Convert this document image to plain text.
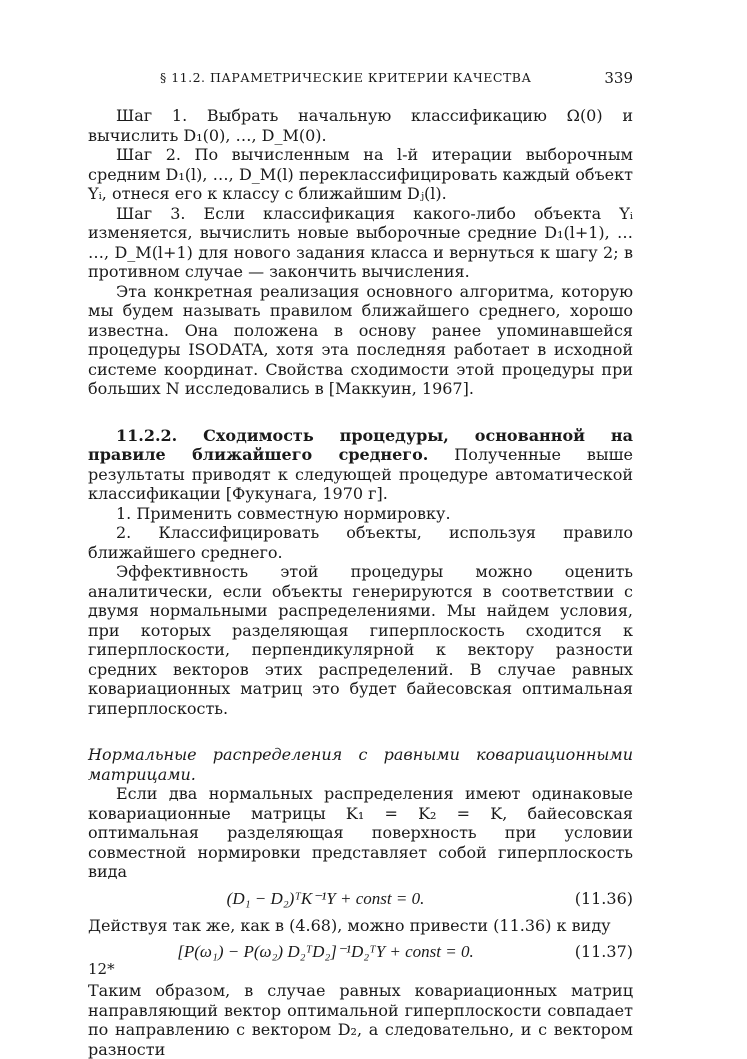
§ 11.2. ПАРАМЕТРИЧЕСКИЕ КРИТЕРИИ КАЧЕСТВА	339

Шаг 1. Выбрать начальную классификацию Ω(0) и вычислить D₁(0), …, D_M(0).

Шаг 2. По вычисленным на l-й итерации выборочным средним D₁(l), …, D_M(l) переклассифицировать каждый объект Yᵢ, отнеся его к классу с ближайшим Dⱼ(l).

Шаг 3. Если классификация какого-либо объекта Yᵢ изменяется, вычислить новые выборочные средние D₁(l+1), … …, D_M(l+1) для нового задания класса и вернуться к шагу 2; в противном случае — закончить вычисления.

Эта конкретная реализация основного алгоритма, которую мы будем называть правилом ближайшего среднего, хорошо известна. Она положена в основу ранее упоминавшейся процедуры ISODATA, хотя эта последняя работает в исходной системе координат. Свойства сходимости этой процедуры при больших N исследовались в [Маккуин, 1967].

11.2.2. Сходимость процедуры, основанной на правиле ближайшего среднего. Полученные выше результаты приводят к следующей процедуре автоматической классификации [Фукунага, 1970 г].

1. Применить совместную нормировку.

2. Классифицировать объекты, используя правило ближайшего среднего.

Эффективность этой процедуры можно оценить аналитически, если объекты генерируются в соответствии с двумя нормальными распределениями. Мы найдем условия, при которых разделяющая гиперплоскость сходится к гиперплоскости, перпендикулярной к вектору разности средних векторов этих распределений. В случае равных ковариационных матриц это будет байесовская оптимальная гиперплоскость.

Нормальные распределения с равными ковариационными матрицами.

Если два нормальных распределения имеют одинаковые ковариационные матрицы K₁ = K₂ = K, байесовская оптимальная разделяющая поверхность при условии совместной нормировки представляет собой гиперплоскость вида

(D₁ − D₂)ᵀK⁻¹Y + const = 0.	(11.36)

Действуя так же, как в (4.68), можно привести (11.36) к виду

[P(ω₁) − P(ω₂) D₂ᵀD₂]⁻¹D₂ᵀY + const = 0.	(11.37)

Таким образом, в случае равных ковариационных матриц направляющий вектор оптимальной гиперплоскости совпадает по направлению с вектором D₂, а следовательно, и с вектором разности

12*
